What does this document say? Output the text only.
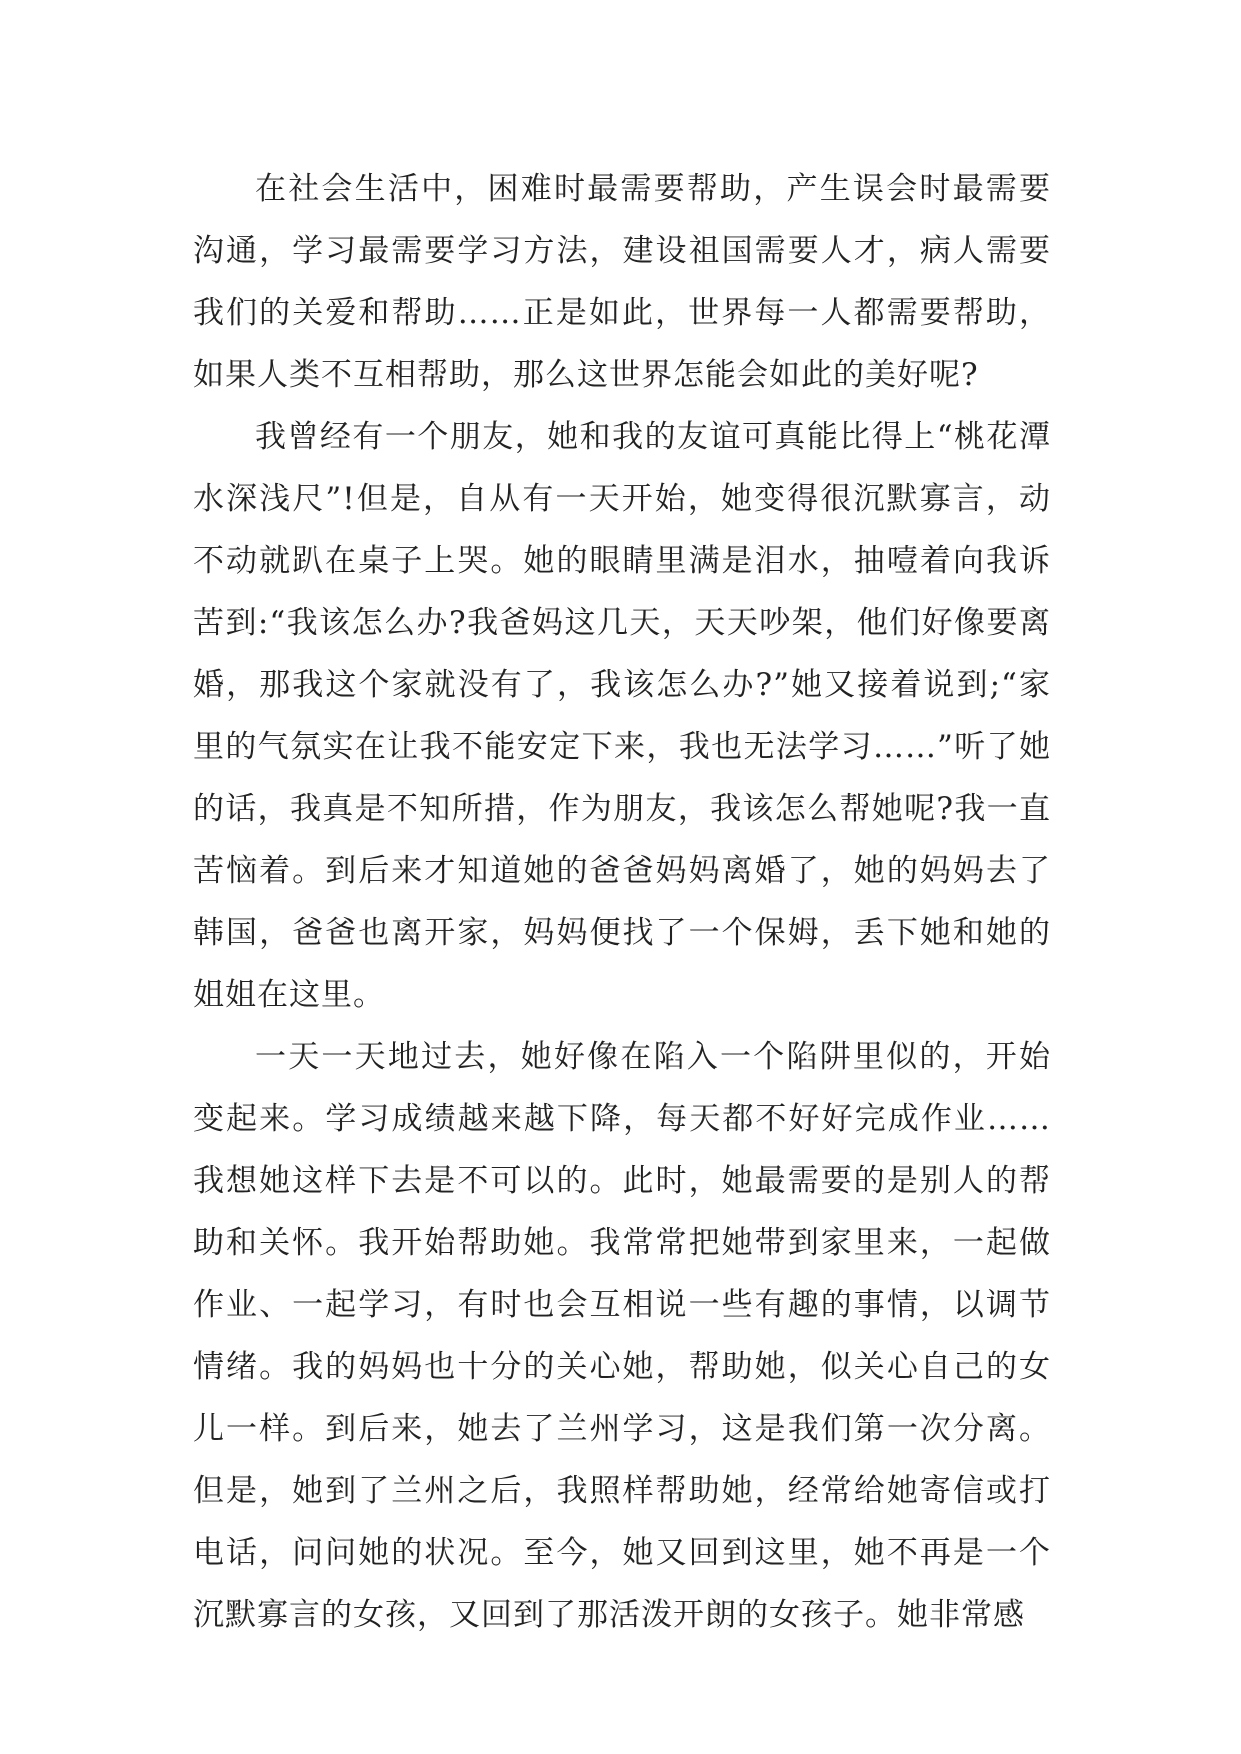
在社会生活中，困难时最需要帮助，产生误会时最需要沟通，学习最需要学习方法，建设祖国需要人才，病人需要我们的关爱和帮助……正是如此，世界每一人都需要帮助，如果人类不互相帮助，那么这世界怎能会如此的美好呢?

我曾经有一个朋友，她和我的友谊可真能比得上“桃花潭水深浅尺”!但是，自从有一天开始，她变得很沉默寡言，动不动就趴在桌子上哭。她的眼睛里满是泪水，抽噎着向我诉苦到:“我该怎么办?我爸妈这几天，天天吵架，他们好像要离婚，那我这个家就没有了，我该怎么办?”她又接着说到;“家里的气氛实在让我不能安定下来，我也无法学习……”听了她的话，我真是不知所措，作为朋友，我该怎么帮她呢?我一直苦恼着。到后来才知道她的爸爸妈妈离婚了，她的妈妈去了韩国，爸爸也离开家，妈妈便找了一个保姆，丢下她和她的姐姐在这里。

一天一天地过去，她好像在陷入一个陷阱里似的，开始变起来。学习成绩越来越下降，每天都不好好完成作业……我想她这样下去是不可以的。此时，她最需要的是别人的帮助和关怀。我开始帮助她。我常常把她带到家里来，一起做作业、一起学习，有时也会互相说一些有趣的事情，以调节情绪。我的妈妈也十分的关心她，帮助她，似关心自己的女儿一样。到后来，她去了兰州学习，这是我们第一次分离。但是，她到了兰州之后，我照样帮助她，经常给她寄信或打电话，问问她的状况。至今，她又回到这里，她不再是一个沉默寡言的女孩，又回到了那活泼开朗的女孩子。她非常感
